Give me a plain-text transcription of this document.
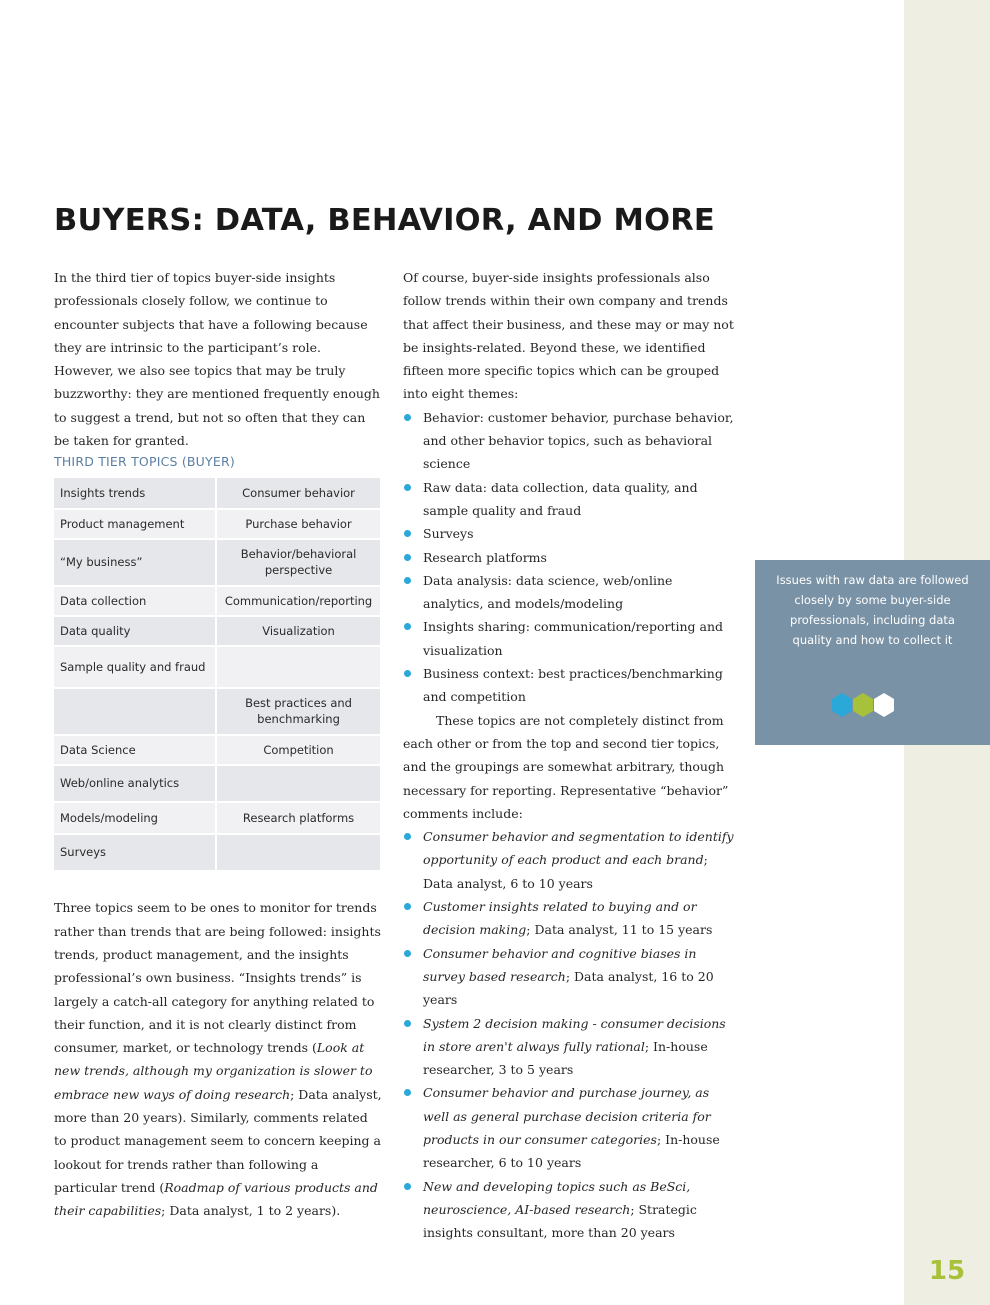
BUYERS: DATA, BEHAVIOR, AND MORE

In the third tier of topics buyer-side insights professionals closely follow, we continue to encounter subjects that have a following because they are intrinsic to the participant’s role. However, we also see topics that may be truly buzzworthy: they are mentioned frequently enough to suggest a trend, but not so often that they can be taken for granted.

THIRD TIER TOPICS (BUYER)
Insights trends	Consumer behavior
Product management	Purchase behavior
“My business”	Behavior/behavioral perspective
Data collection	Communication/reporting
Data quality	Visualization
Sample quality and fraud	
	Best practices and benchmarking
Data Science	Competition
Web/online analytics	
Models/modeling	Research platforms
Surveys	

Three topics seem to be ones to monitor for trends rather than trends that are being followed: insights trends, product management, and the insights professional’s own business. “Insights trends” is largely a catch-all category for anything related to their function, and it is not clearly distinct from consumer, market, or technology trends (Look at new trends, although my organization is slower to embrace new ways of doing research; Data analyst, more than 20 years). Similarly, comments related to product management seem to concern keeping a lookout for trends rather than following a particular trend (Roadmap of various products and their capabilities; Data analyst, 1 to 2 years).

Of course, buyer-side insights professionals also follow trends within their own company and trends that affect their business, and these may or may not be insights-related. Beyond these, we identified fifteen more specific topics which can be grouped into eight themes:

Behavior: customer behavior, purchase behavior, and other behavior topics, such as behavioral science
Raw data: data collection, data quality, and sample quality and fraud
Surveys
Research platforms
Data analysis: data science, web/online analytics, and models/modeling
Insights sharing: communication/reporting and visualization
Business context: best practices/benchmarking and competition

These topics are not completely distinct from each other or from the top and second tier topics, and the groupings are somewhat arbitrary, though necessary for reporting. Representative “behavior” comments include:

Consumer behavior and segmentation to identify opportunity of each product and each brand; Data analyst, 6 to 10 years
Customer insights related to buying and or decision making; Data analyst, 11 to 15 years
Consumer behavior and cognitive biases in survey based research; Data analyst, 16 to 20 years
System 2 decision making - consumer decisions in store aren't always fully rational; In-house researcher, 3 to 5 years
Consumer behavior and purchase journey, as well as general purchase decision criteria for products in our consumer categories; In-house researcher, 6 to 10 years
New and developing topics such as BeSci, neuroscience, AI-based research; Strategic insights consultant, more than 20 years

Issues with raw data are followed closely by some buyer-side professionals, including data quality and how to collect it

15
